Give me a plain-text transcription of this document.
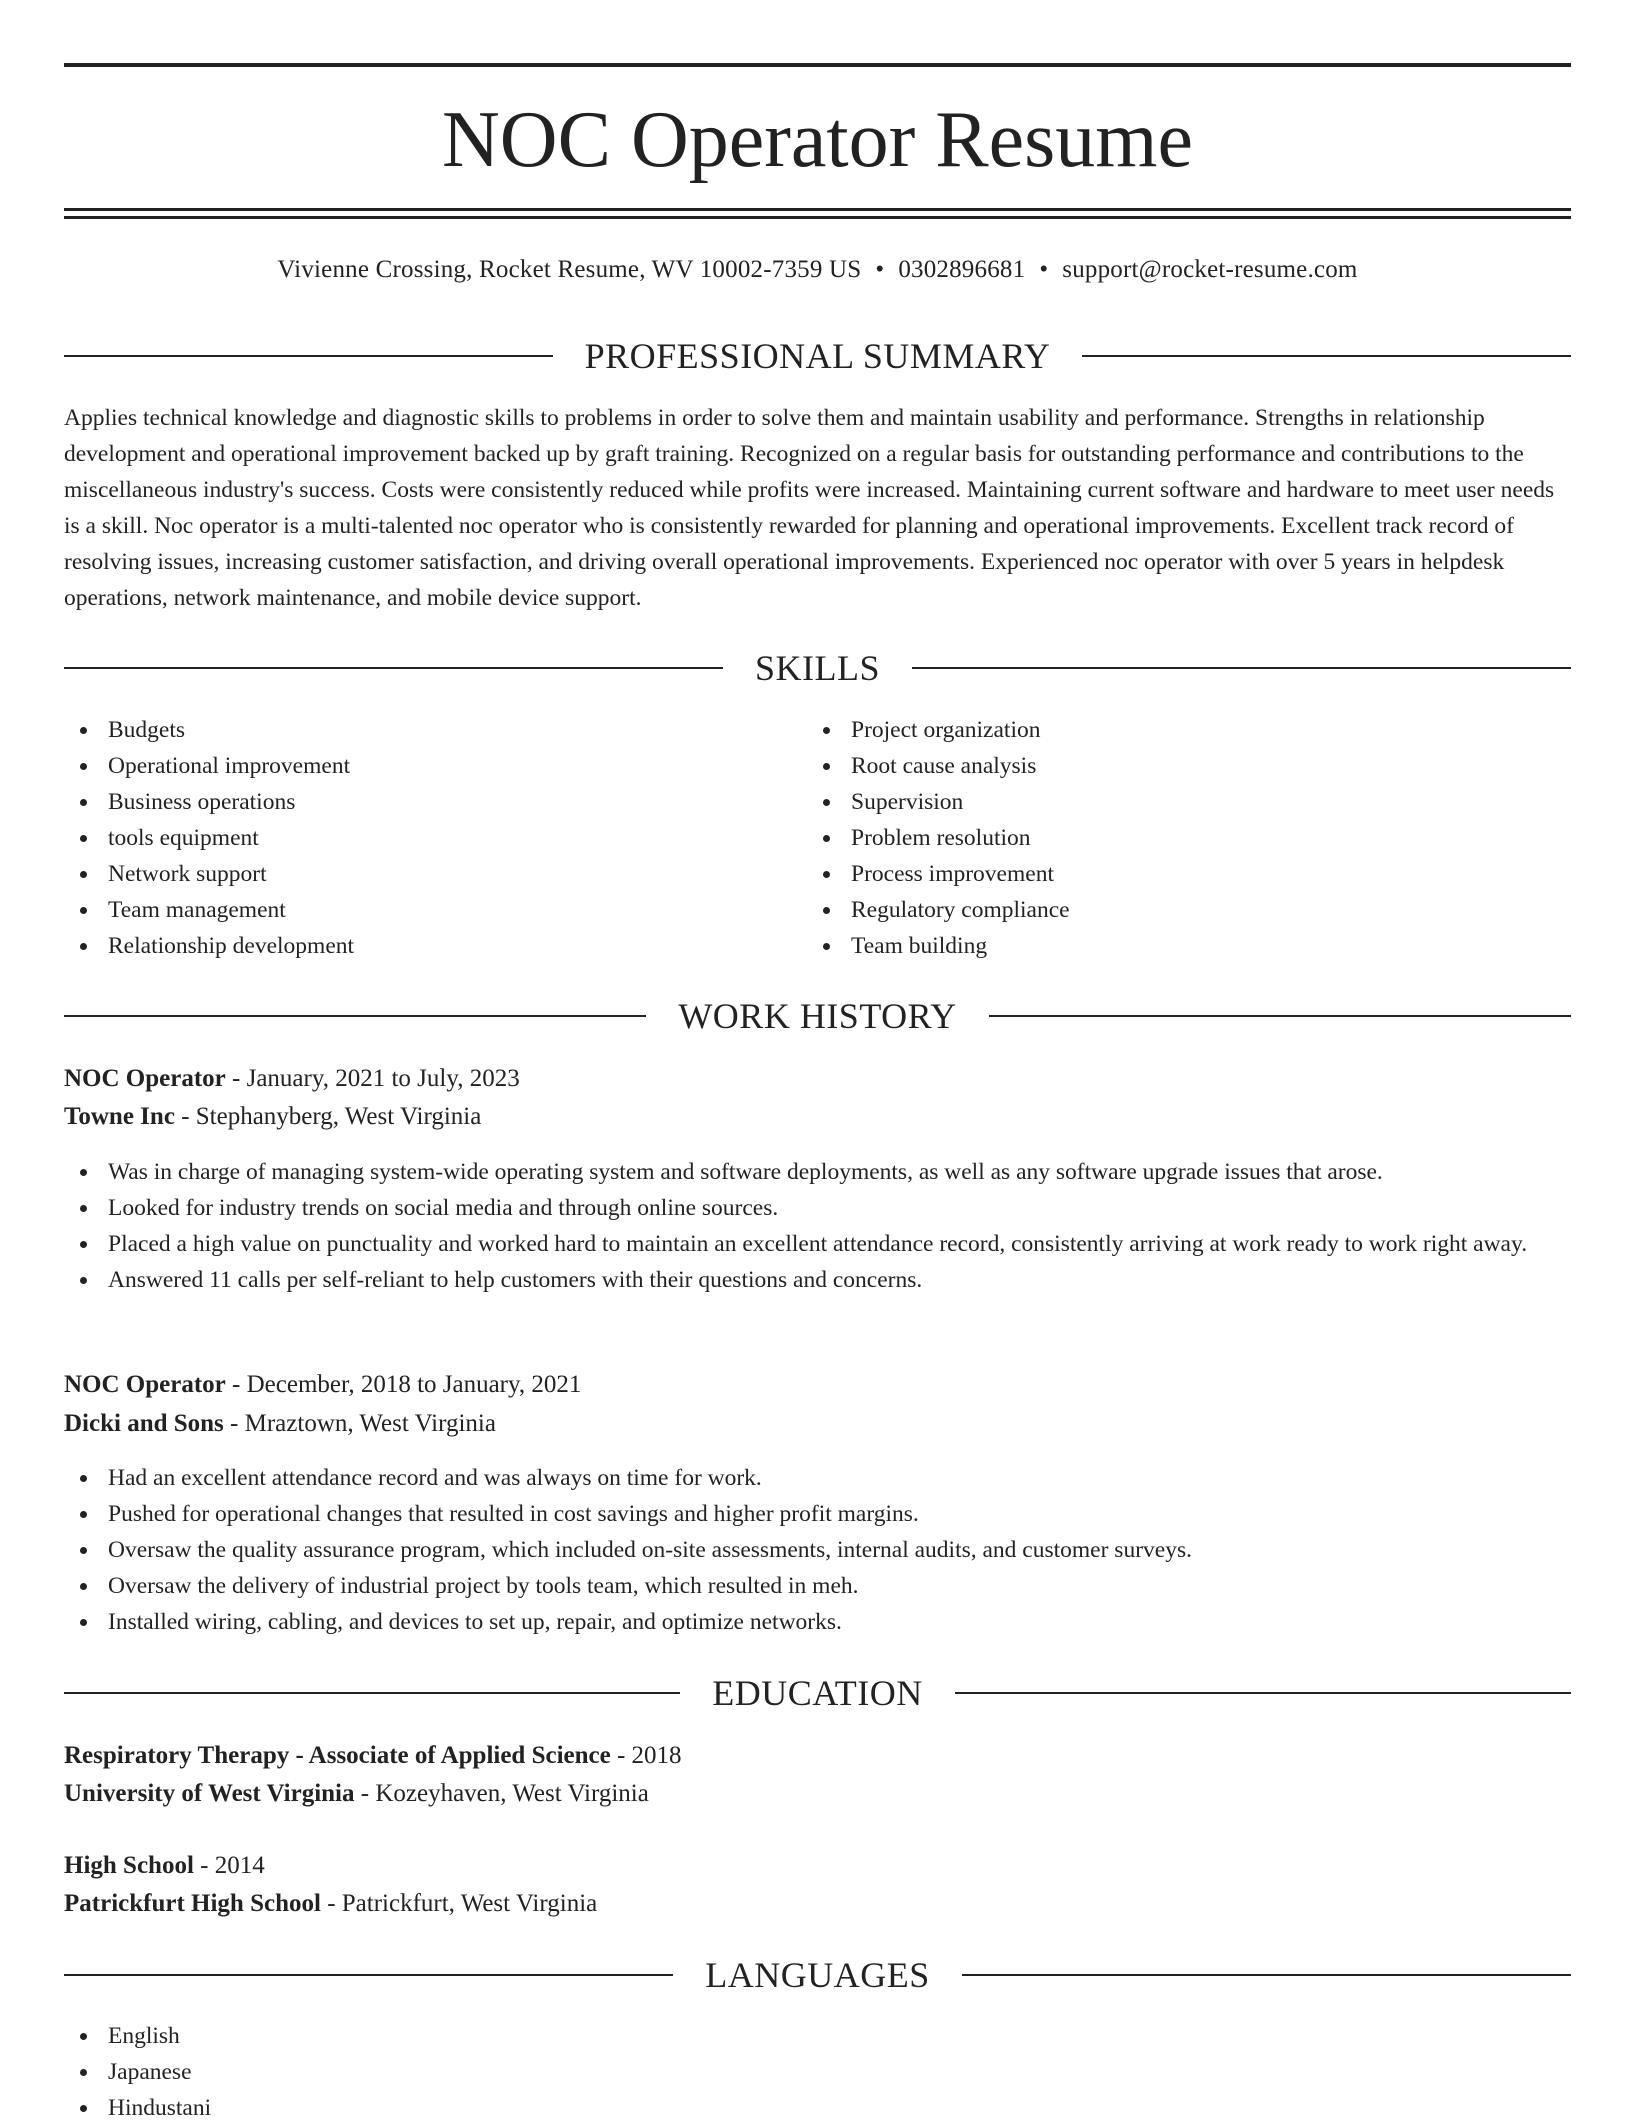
NOC Operator Resume
Vivienne Crossing, Rocket Resume, WV 10002-7359 US • 0302896681 • support@rocket-resume.com
PROFESSIONAL SUMMARY

Applies technical knowledge and diagnostic skills to problems in order to solve them and maintain usability and performance. Strengths in relationship development and operational improvement backed up by graft training. Recognized on a regular basis for outstanding performance and contributions to the miscellaneous industry's success. Costs were consistently reduced while profits were increased. Maintaining current software and hardware to meet user needs is a skill. Noc operator is a multi-talented noc operator who is consistently rewarded for planning and operational improvements. Excellent track record of resolving issues, increasing customer satisfaction, and driving overall operational improvements. Experienced noc operator with over 5 years in helpdesk operations, network maintenance, and mobile device support.

SKILLS
Budgets
Operational improvement
Business operations
tools equipment
Network support
Team management
Relationship development
Project organization
Root cause analysis
Supervision
Problem resolution
Process improvement
Regulatory compliance
Team building
WORK HISTORY
NOC Operator - January, 2021 to July, 2023
Towne Inc - Stephanyberg, West Virginia
Was in charge of managing system-wide operating system and software deployments, as well as any software upgrade issues that arose.
Looked for industry trends on social media and through online sources.
Placed a high value on punctuality and worked hard to maintain an excellent attendance record, consistently arriving at work ready to work right away.
Answered 11 calls per self-reliant to help customers with their questions and concerns.
NOC Operator - December, 2018 to January, 2021
Dicki and Sons - Mraztown, West Virginia
Had an excellent attendance record and was always on time for work.
Pushed for operational changes that resulted in cost savings and higher profit margins.
Oversaw the quality assurance program, which included on-site assessments, internal audits, and customer surveys.
Oversaw the delivery of industrial project by tools team, which resulted in meh.
Installed wiring, cabling, and devices to set up, repair, and optimize networks.
EDUCATION
Respiratory Therapy - Associate of Applied Science - 2018
University of West Virginia - Kozeyhaven, West Virginia
High School - 2014
Patrickfurt High School - Patrickfurt, West Virginia
LANGUAGES
English
Japanese
Hindustani
